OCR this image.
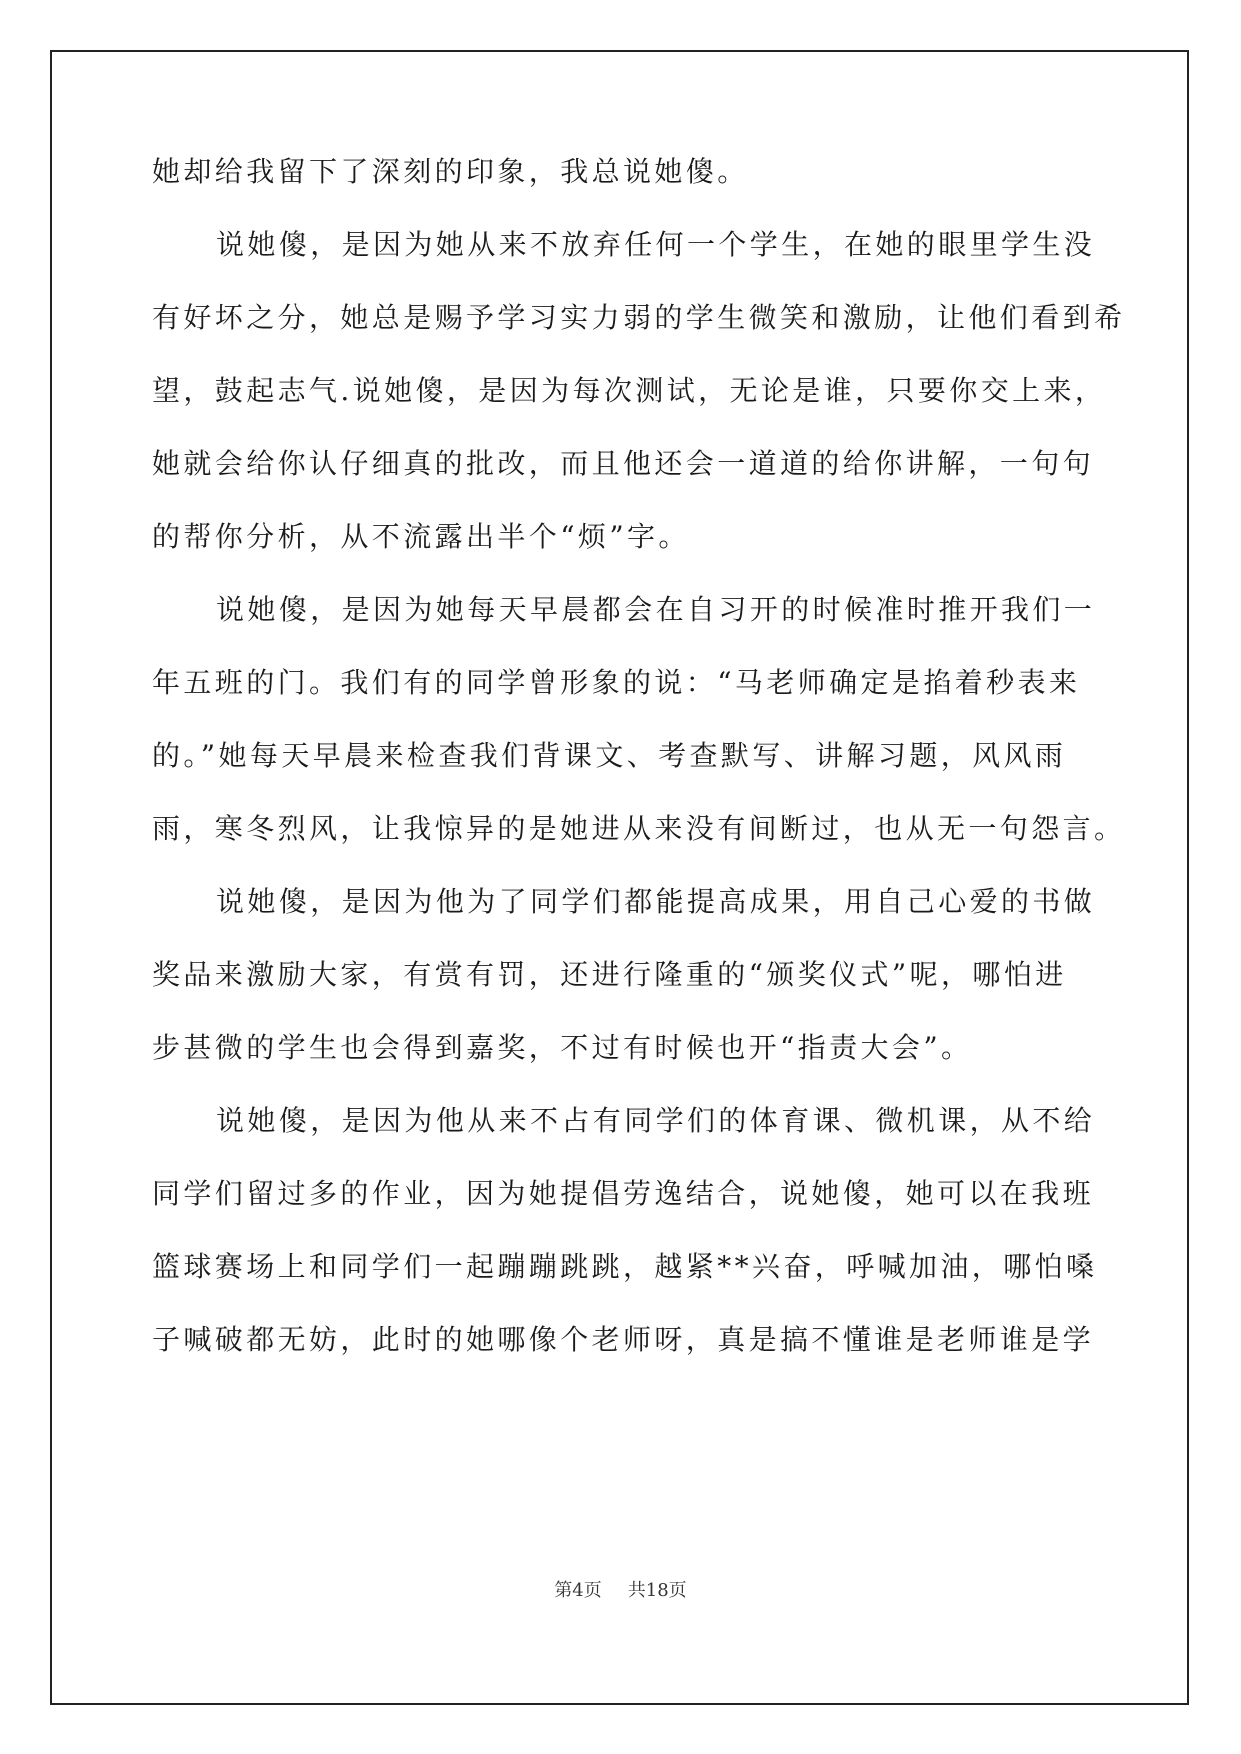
她却给我留下了深刻的印象，我总说她傻。
说她傻，是因为她从来不放弃任何一个学生，在她的眼里学生没
有好坏之分，她总是赐予学习实力弱的学生微笑和激励，让他们看到希
望，鼓起志气.说她傻，是因为每次测试，无论是谁，只要你交上来，
她就会给你认仔细真的批改，而且他还会一道道的给你讲解，一句句
的帮你分析，从不流露出半个“烦”字。
说她傻，是因为她每天早晨都会在自习开的时候准时推开我们一
年五班的门。我们有的同学曾形象的说：“马老师确定是掐着秒表来
的。”她每天早晨来检查我们背课文、考查默写、讲解习题，风风雨
雨，寒冬烈风，让我惊异的是她进从来没有间断过，也从无一句怨言。
说她傻，是因为他为了同学们都能提高成果，用自己心爱的书做
奖品来激励大家，有赏有罚，还进行隆重的“颁奖仪式”呢，哪怕进
步甚微的学生也会得到嘉奖，不过有时候也开“指责大会”。
说她傻，是因为他从来不占有同学们的体育课、微机课，从不给
同学们留过多的作业，因为她提倡劳逸结合，说她傻，她可以在我班
篮球赛场上和同学们一起蹦蹦跳跳，越紧**兴奋，呼喊加油，哪怕嗓
子喊破都无妨，此时的她哪像个老师呀，真是搞不懂谁是老师谁是学
第4页 共18页
